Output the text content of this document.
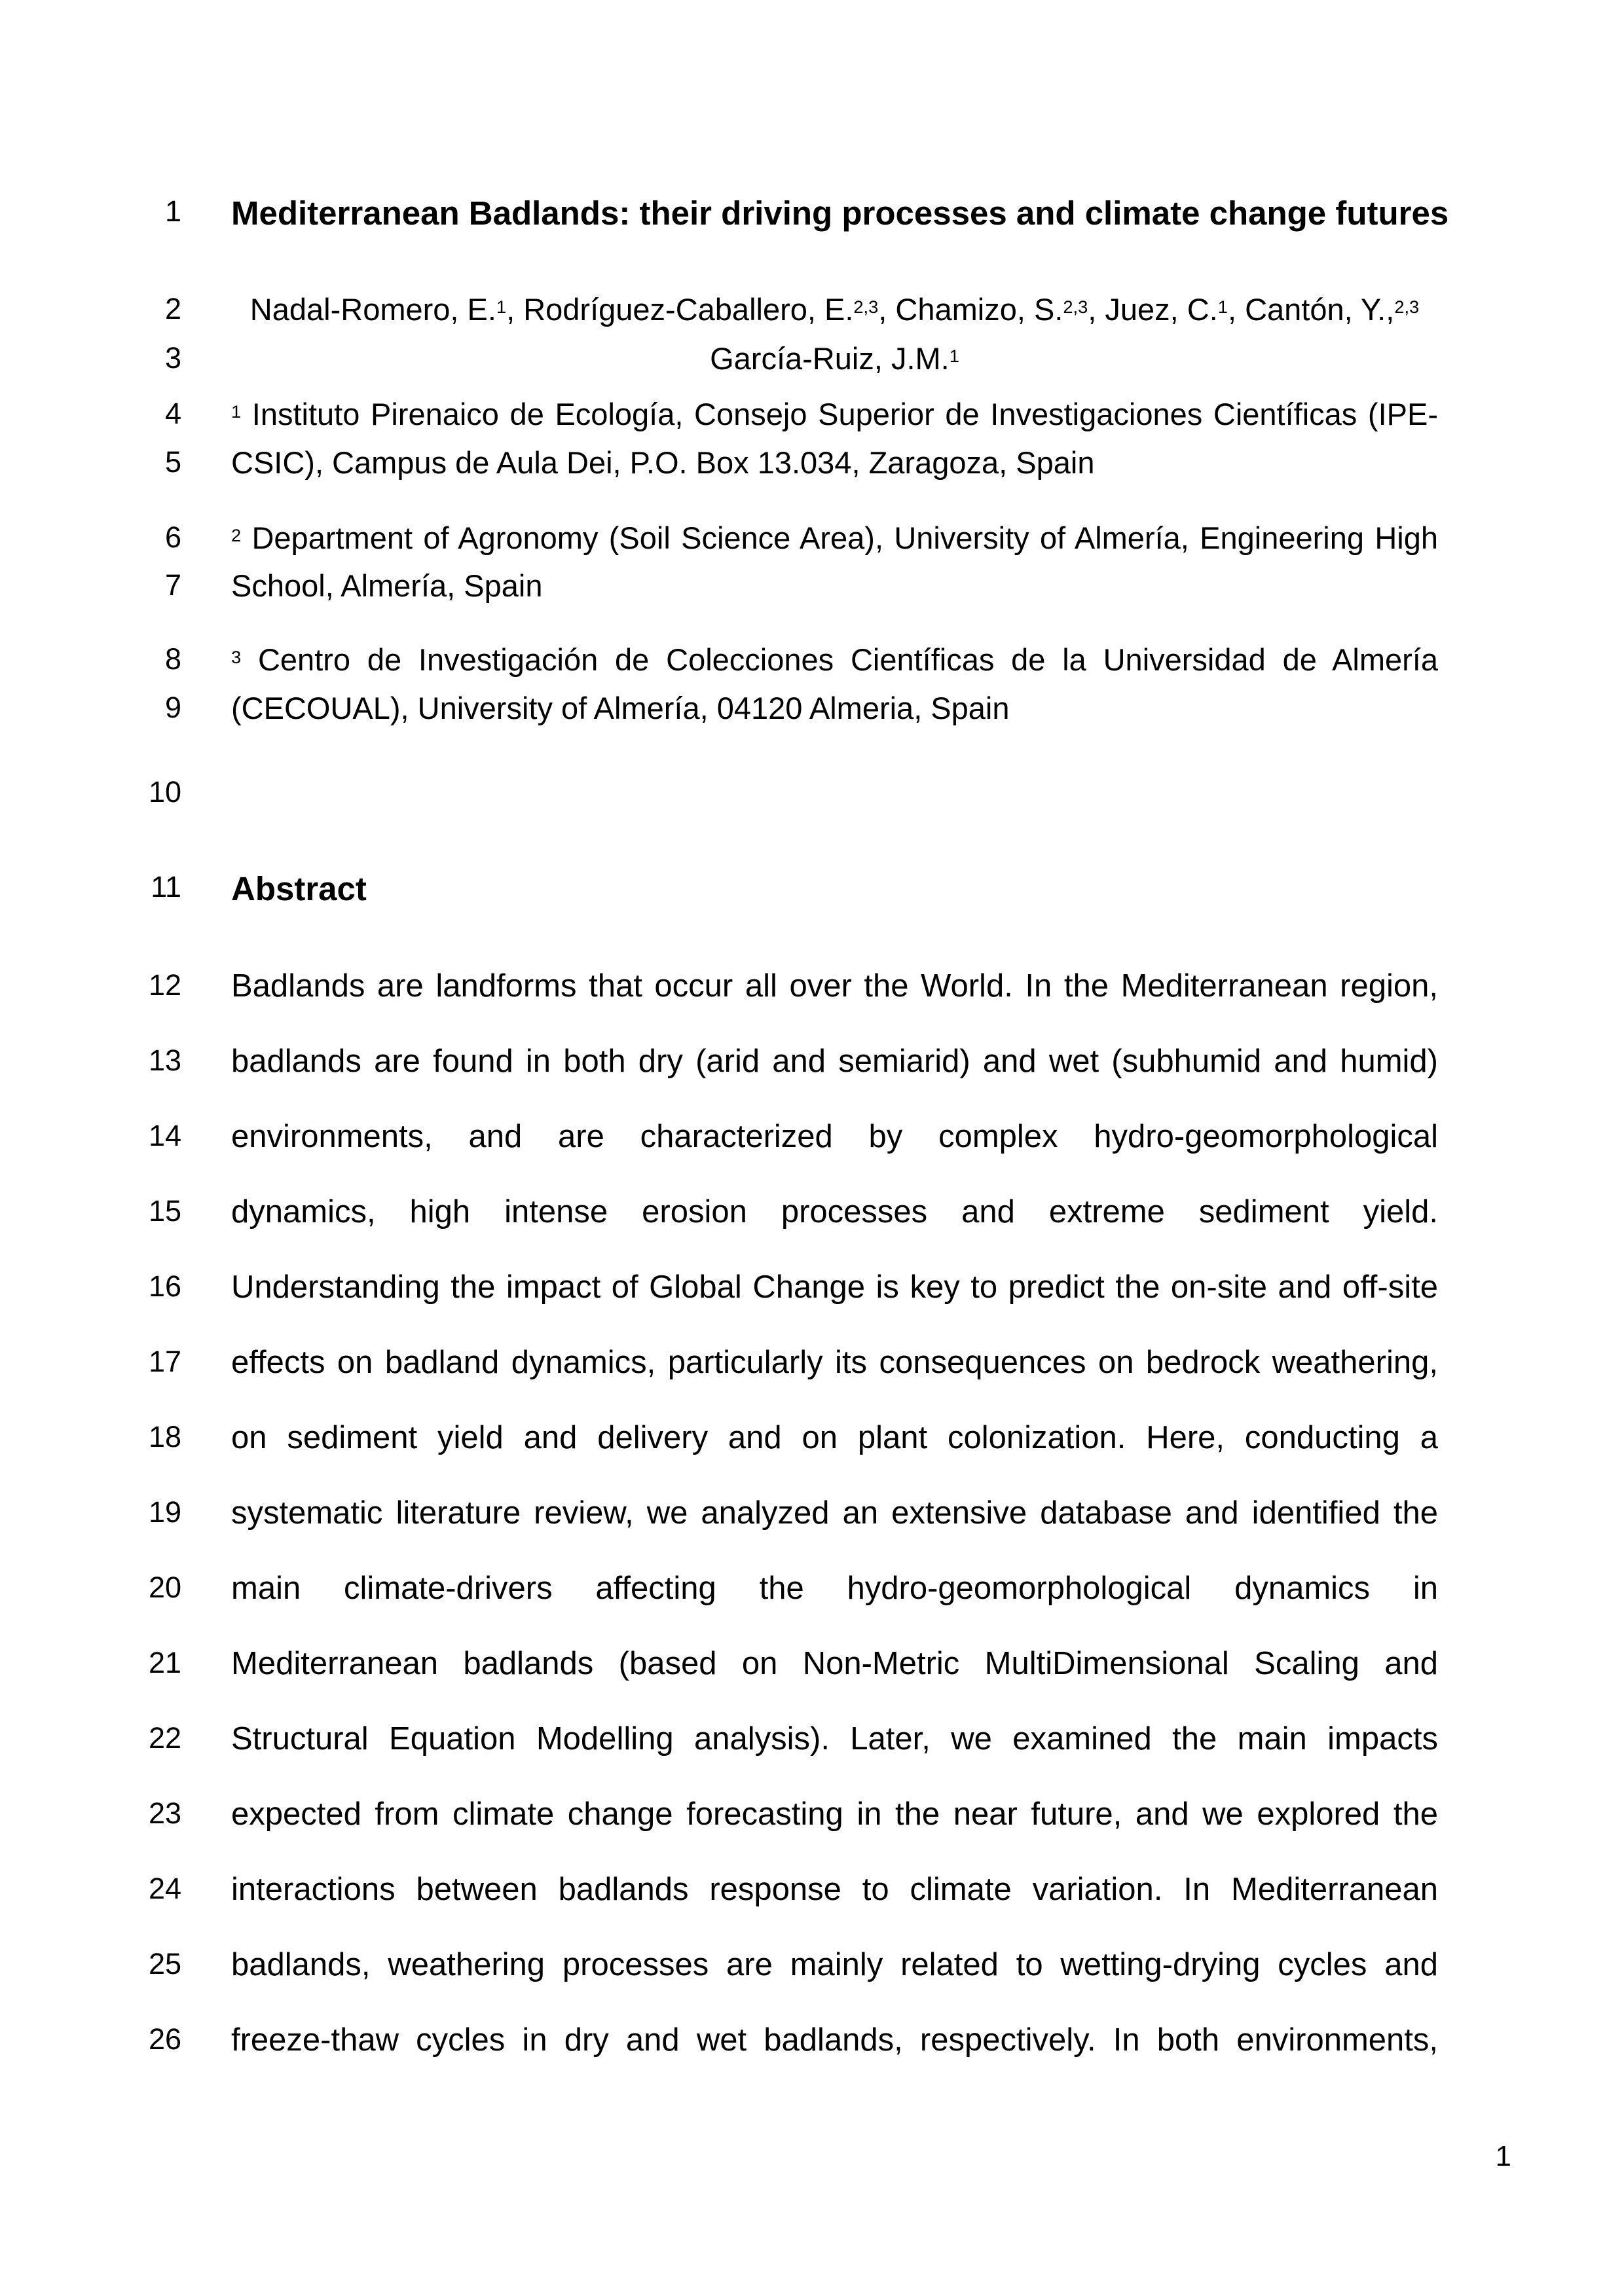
1 Mediterranean Badlands: their driving processes and climate change futures
2	Nadal-Romero, E.$^1$, Rodríguez-Caballero, E.$^{2,3}$, Chamizo, S.$^{2,3}$, Juez, C.$^1$, Cantón, Y.,$^{2,3}$
3	García-Ruiz, J.M.$^1$
4	$^1$ Instituto Pirenaico de Ecología, Consejo Superior de Investigaciones Científicas (IPE-
5 CSIC), Campus de Aula Dei, P.O. Box 13.034, Zaragoza, Spain
6	$^2$ Department of Agronomy (Soil Science Area), University of Almería, Engineering High
7 School, Almería, Spain
8	$^3$ Centro de Investigación de Colecciones Científicas de la Universidad de Almería
9 (CECOUAL), University of Almería, 04120 Almeria, Spain
10
11 Abstract
12 Badlands are landforms that occur all over the World. In the Mediterranean region,
13 badlands are found in both dry (arid and semiarid) and wet (subhumid and humid)
14 environments, and are characterized by complex hydro-geomorphological
15 dynamics, high intense erosion processes and extreme sediment yield.
16 Understanding the impact of Global Change is key to predict the on-site and off-site
17 effects on badland dynamics, particularly its consequences on bedrock weathering,
18 on sediment yield and delivery and on plant colonization. Here, conducting a
19 systematic literature review, we analyzed an extensive database and identified the
20 main climate-drivers affecting the hydro-geomorphological dynamics in
21 Mediterranean badlands (based on Non-Metric MultiDimensional Scaling and
22 Structural Equation Modelling analysis). Later, we examined the main impacts
23 expected from climate change forecasting in the near future, and we explored the
24 interactions between badlands response to climate variation. In Mediterranean
25 badlands, weathering processes are mainly related to wetting-drying cycles and
26 freeze-thaw cycles in dry and wet badlands, respectively. In both environments,
1
